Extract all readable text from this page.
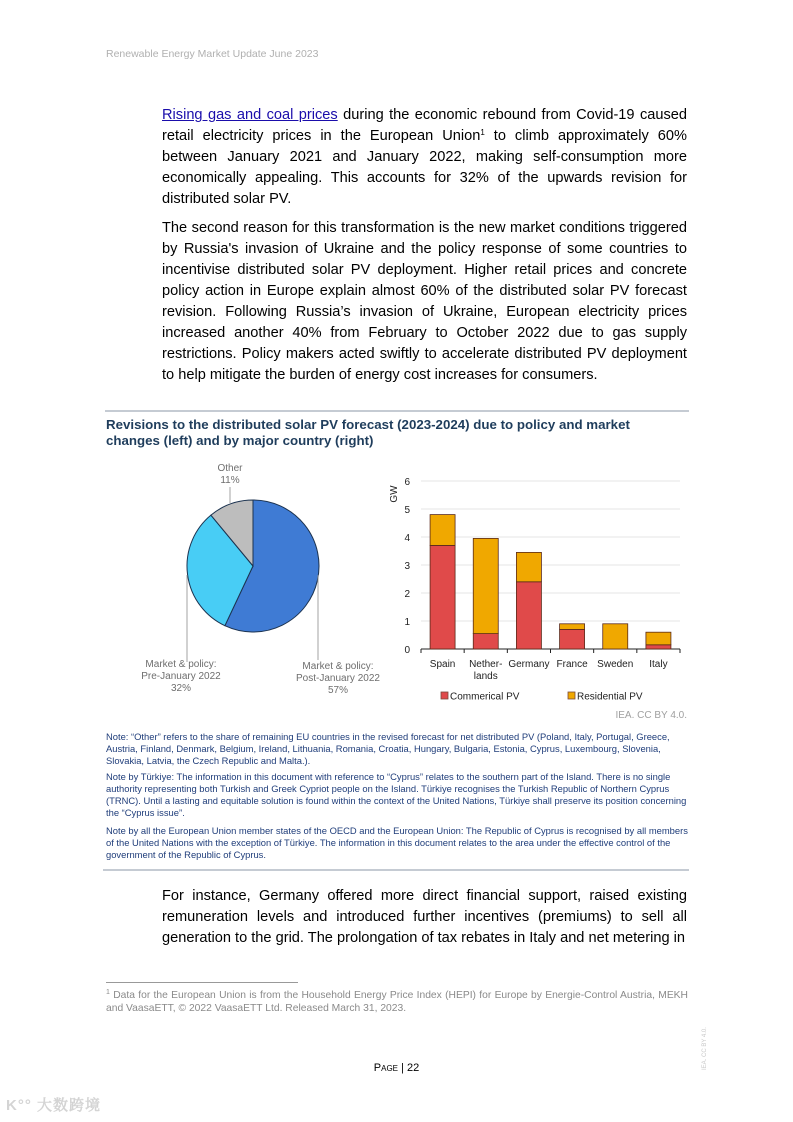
Renewable Energy Market Update June 2023
Rising gas and coal prices during the economic rebound from Covid-19 caused retail electricity prices in the European Union$^1$ to climb approximately 60% between January 2021 and January 2022, making self-consumption more economically appealing. This accounts for 32% of the upwards revision for distributed solar PV.
The second reason for this transformation is the new market conditions triggered by Russia's invasion of Ukraine and the policy response of some countries to incentivise distributed solar PV deployment. Higher retail prices and concrete policy action in Europe explain almost 60% of the distributed solar PV forecast revision. Following Russia’s invasion of Ukraine, European electricity prices increased another 40% from February to October 2022 due to gas supply restrictions. Policy makers acted swiftly to accelerate distributed PV deployment to help mitigate the burden of energy cost increases for consumers.
Revisions to the distributed solar PV forecast (2023-2024) due to policy and market changes (left) and by major country (right)
Market & policy:
Post-January 2022
57%
Market & policy:
Pre-January 2022
32%
Other
11%
0
1
2
3
4
5
6
GW
Spain Nether-
lands
Germany France Sweden Italy
Commerical PV	Residential PV
IEA. CC BY 4.0.
Note: “Other” refers to the share of remaining EU countries in the revised forecast for net distributed PV (Poland, Italy, Portugal, Greece, Austria, Finland, Denmark, Belgium, Ireland, Lithuania, Romania, Croatia, Hungary, Bulgaria, Estonia, Cyprus, Luxembourg, Slovenia, Slovakia, Latvia, the Czech Republic and Malta.).
Note by Türkiye: The information in this document with reference to “Cyprus” relates to the southern part of the Island. There is no single authority representing both Turkish and Greek Cypriot people on the Island. Türkiye recognises the Turkish Republic of Northern Cyprus (TRNC). Until a lasting and equitable solution is found within the context of the United Nations, Türkiye shall preserve its position concerning the “Cyprus issue”.
Note by all the European Union member states of the OECD and the European Union: The Republic of Cyprus is recognised by all members of the United Nations with the exception of Türkiye. The information in this document relates to the area under the effective control of the government of the Republic of Cyprus.
For instance, Germany offered more direct financial support, raised existing remuneration levels and introduced further incentives (premiums) to sell all generation to the grid. The prolongation of tax rebates in Italy and net metering in
$^1$ Data for the European Union is from the Household Energy Price Index (HEPI) for Europe by Energie-Control Austria, MEKH and VaasaETT, © 2022 VaasaETT Ltd. Released March 31, 2023.
Page | 22	IEA. CC BY 4.0.
K°° 大数跨境
